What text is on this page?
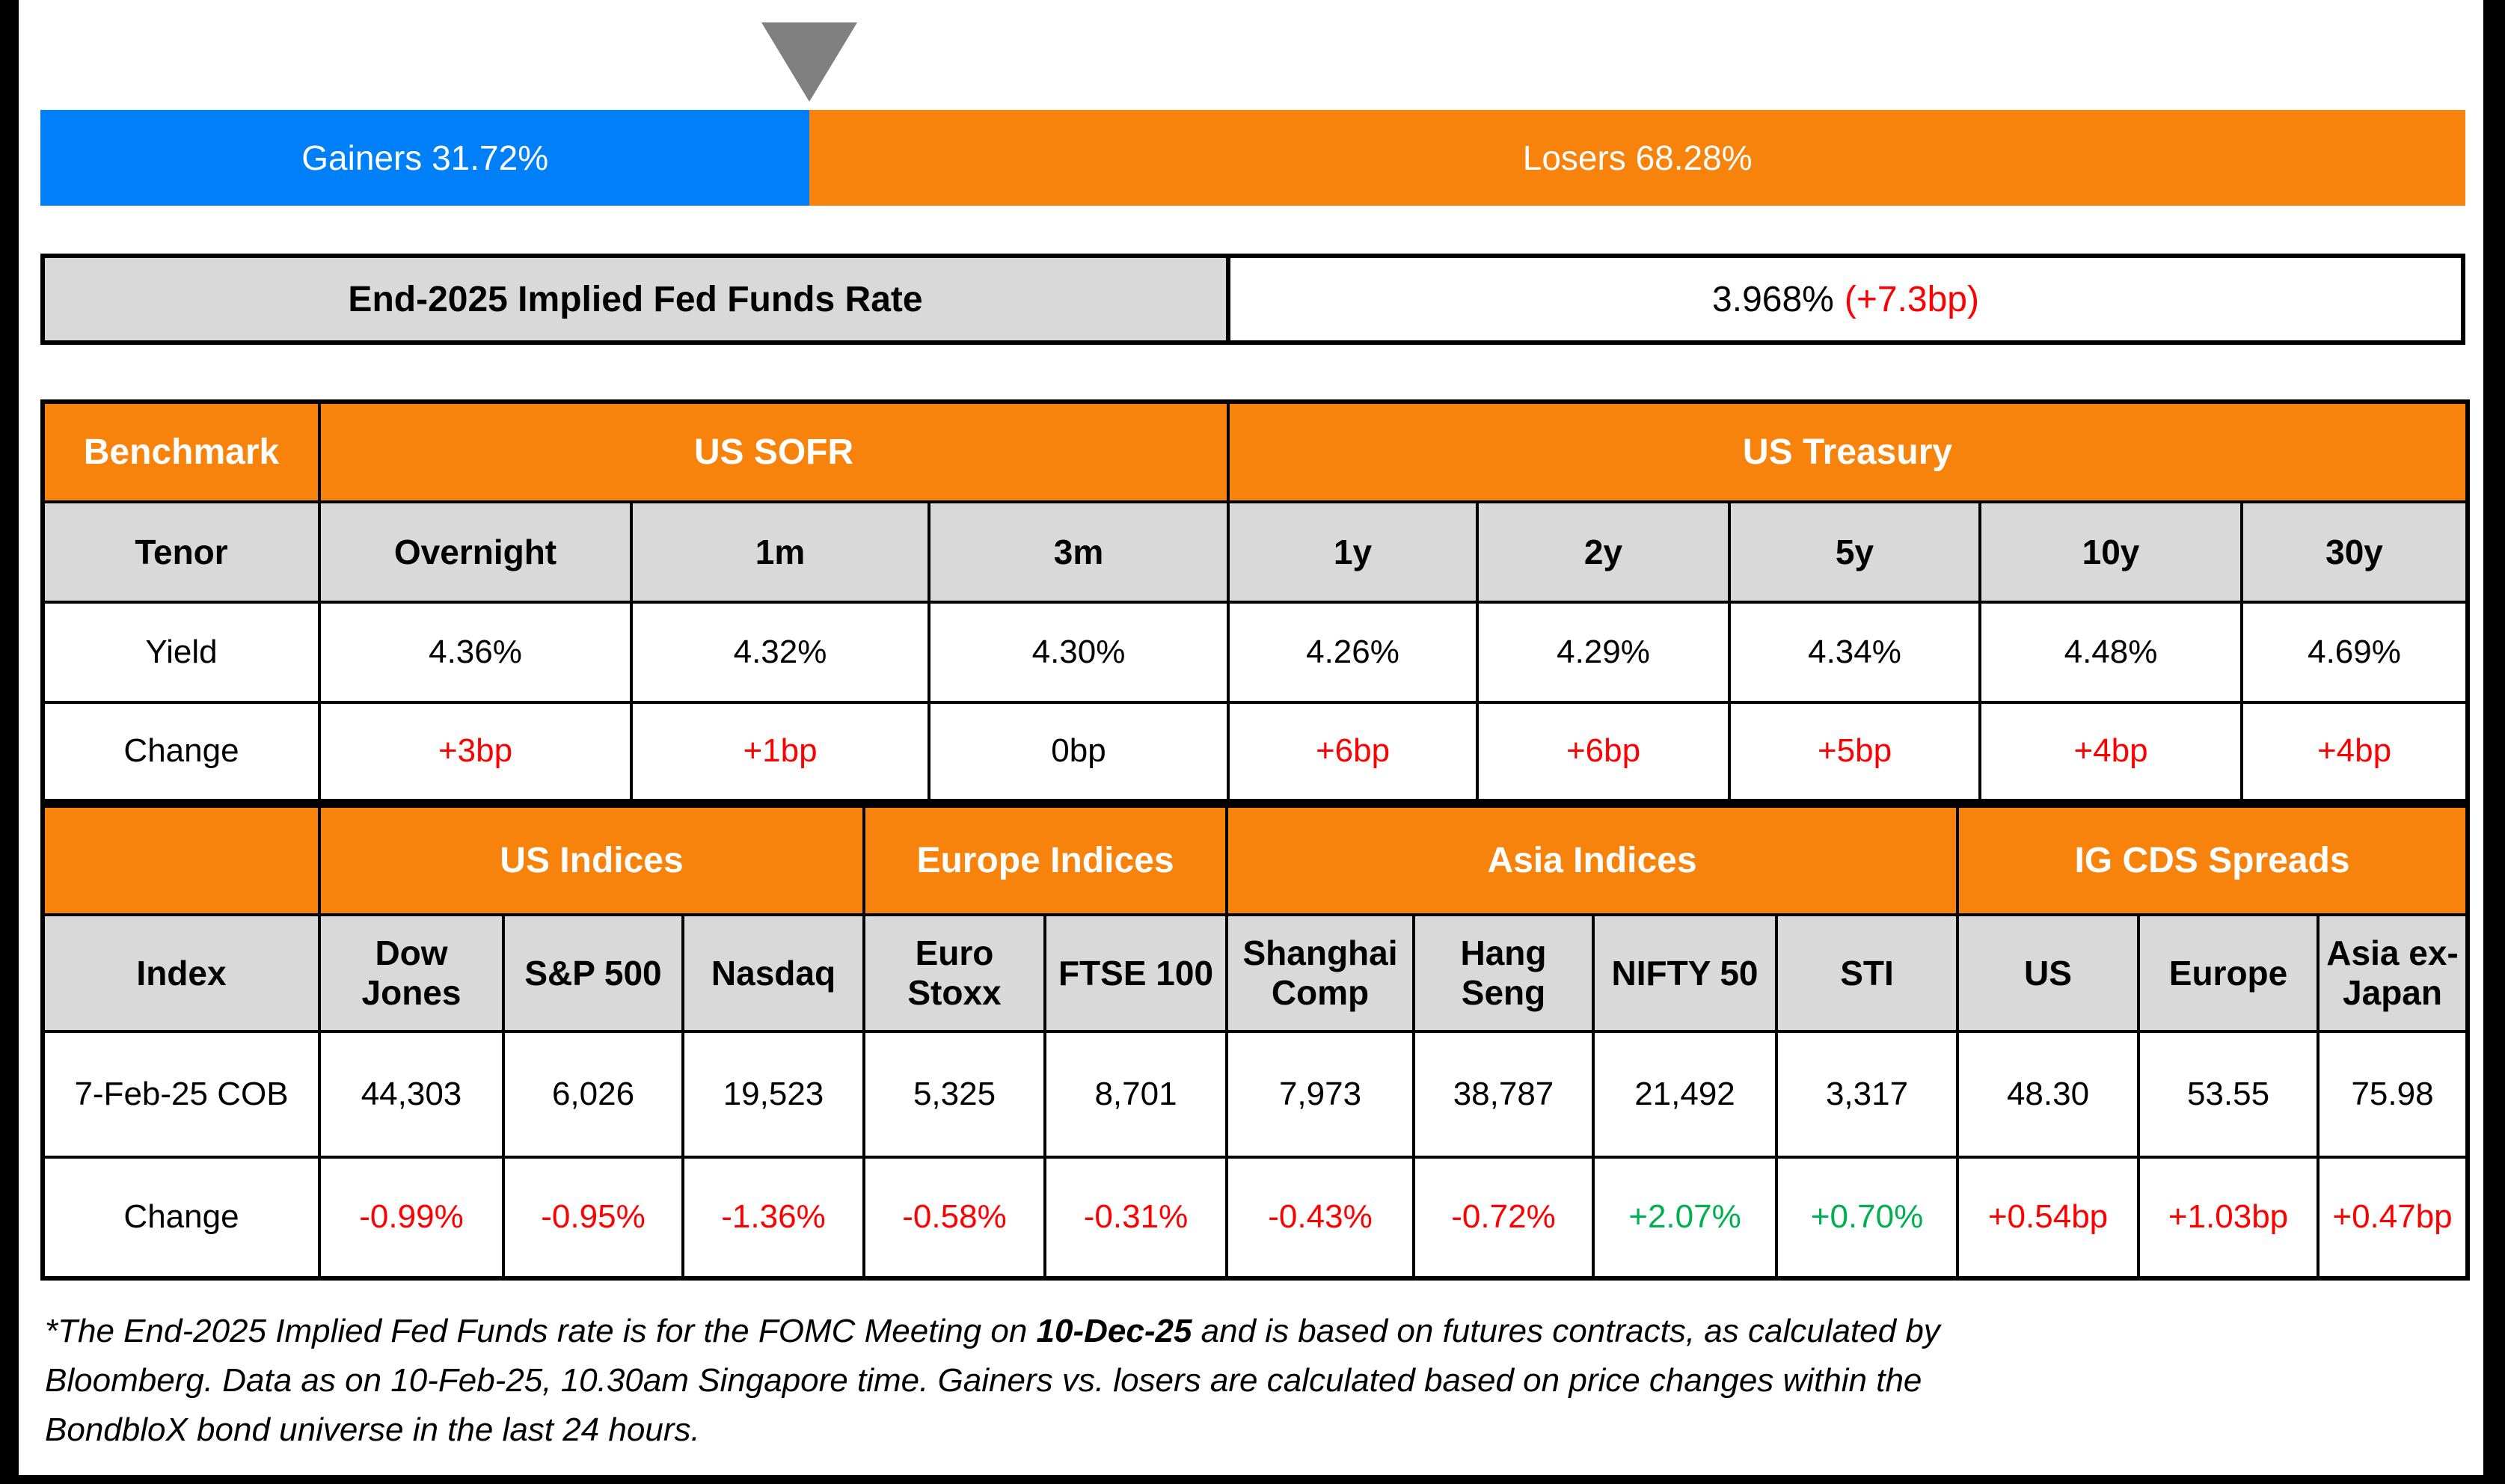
Gainers 31.72%	Losers 68.28%
End-2025 Implied Fed Funds Rate	3.968% (+7.3bp)
Benchmark	US SOFR			US Treasury				
Tenor	Overnight	1m	3m	1y	2y	5y	10y	30y
Yield	4.36%	4.32%	4.30%	4.26%	4.29%	4.34%	4.48%	4.69%
Change	+3bp	+1bp	0bp	+6bp	+6bp	+5bp	+4bp	+4bp
	US Indices			Europe Indices		Asia Indices				IG CDS Spreads		
Index	Dow Jones	S&P 500	Nasdaq	Euro Stoxx	FTSE 100	Shanghai Comp	Hang Seng	NIFTY 50	STI	US	Europe	Asia ex-Japan
7-Feb-25 COB	44,303	6,026	19,523	5,325	8,701	7,973	38,787	21,492	3,317	48.30	53.55	75.98
Change	-0.99%	-0.95%	-1.36%	-0.58%	-0.31%	-0.43%	-0.72%	+2.07%	+0.70%	+0.54bp	+1.03bp	+0.47bp
*The End-2025 Implied Fed Funds rate is for the FOMC Meeting on 10-Dec-25 and is based on futures contracts, as calculated by
Bloomberg. Data as on 10-Feb-25, 10.30am Singapore time. Gainers vs. losers are calculated based on price changes within the
BondbloX bond universe in the last 24 hours.
